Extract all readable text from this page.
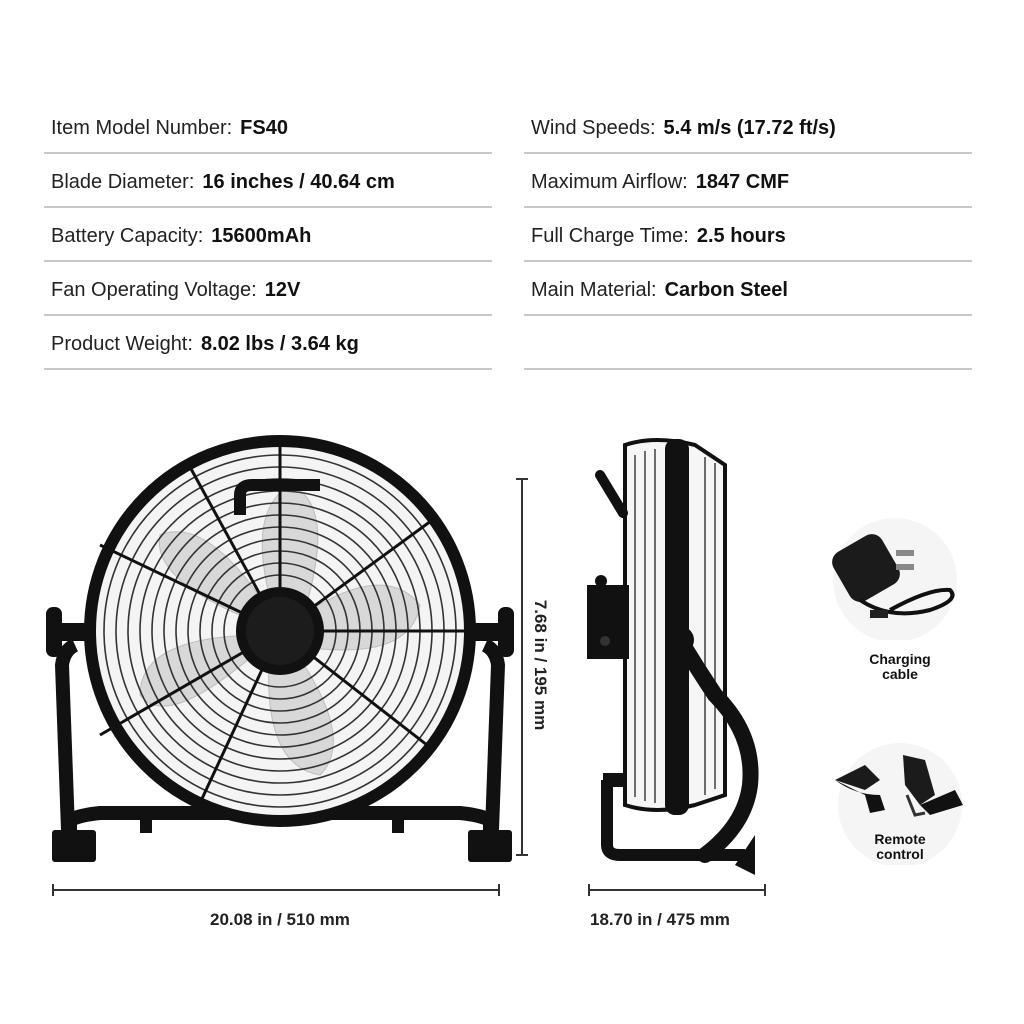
Item Model Number: FS40
Blade Diameter: 16 inches / 40.64 cm
Battery Capacity: 15600mAh
Fan Operating Voltage: 12V
Product Weight: 8.02 lbs / 3.64 kg
Wind Speeds: 5.4 m/s (17.72 ft/s)
Maximum Airflow: 1847 CMF
Full Charge Time: 2.5 hours
Main Material: Carbon Steel
7.68 in / 195 mm
20.08 in / 510 mm	18.70 in / 475 mm
Charging
cable
Remote
control
